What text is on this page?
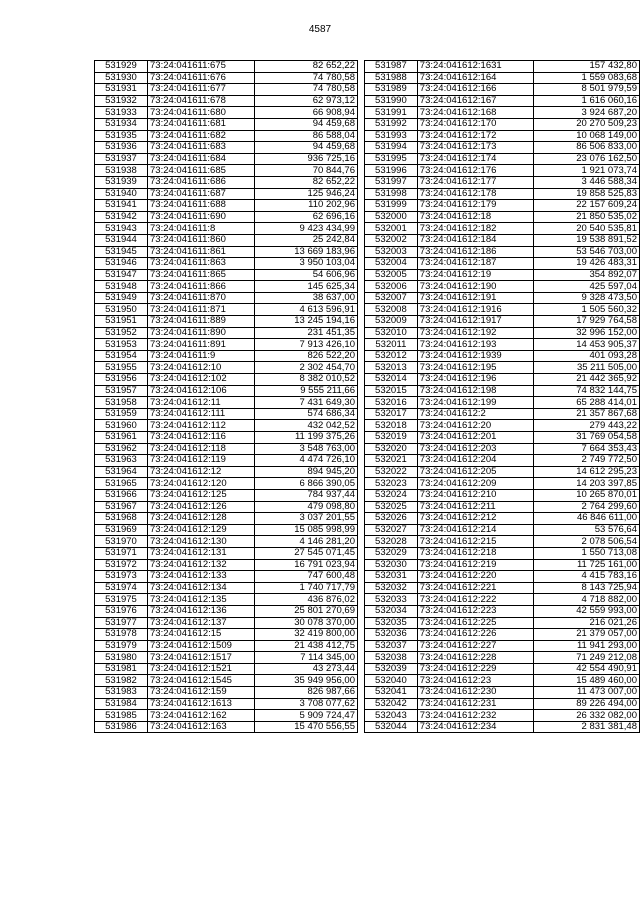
4587
531929	73:24:041611:675	82 652,22
531930	73:24:041611:676	74 780,58
531931	73:24:041611:677	74 780,58
531932	73:24:041611:678	62 973,12
531933	73:24:041611:680	66 908,94
531934	73:24:041611:681	94 459,68
531935	73:24:041611:682	86 588,04
531936	73:24:041611:683	94 459,68
531937	73:24:041611:684	936 725,16
531938	73:24:041611:685	70 844,76
531939	73:24:041611:686	82 652,22
531940	73:24:041611:687	125 946,24
531941	73:24:041611:688	110 202,96
531942	73:24:041611:690	62 696,16
531943	73:24:041611:8	9 423 434,99
531944	73:24:041611:860	25 242,84
531945	73:24:041611:861	13 669 183,96
531946	73:24:041611:863	3 950 103,04
531947	73:24:041611:865	54 606,96
531948	73:24:041611:866	145 625,34
531949	73:24:041611:870	38 637,00
531950	73:24:041611:871	4 613 596,91
531951	73:24:041611:889	13 245 194,16
531952	73:24:041611:890	231 451,35
531953	73:24:041611:891	7 913 426,10
531954	73:24:041611:9	826 522,20
531955	73:24:041612:10	2 302 454,70
531956	73:24:041612:102	8 382 010,52
531957	73:24:041612:106	9 555 211,66
531958	73:24:041612:11	7 431 649,30
531959	73:24:041612:111	574 686,34
531960	73:24:041612:112	432 042,52
531961	73:24:041612:116	11 199 375,26
531962	73:24:041612:118	3 548 763,00
531963	73:24:041612:119	4 474 726,10
531964	73:24:041612:12	894 945,20
531965	73:24:041612:120	6 866 390,05
531966	73:24:041612:125	784 937,44
531967	73:24:041612:126	479 098,80
531968	73:24:041612:128	3 037 201,55
531969	73:24:041612:129	15 085 998,99
531970	73:24:041612:130	4 146 281,20
531971	73:24:041612:131	27 545 071,45
531972	73:24:041612:132	16 791 023,94
531973	73:24:041612:133	747 600,48
531974	73:24:041612:134	1 740 717,79
531975	73:24:041612:135	436 876,02
531976	73:24:041612:136	25 801 270,69
531977	73:24:041612:137	30 078 370,00
531978	73:24:041612:15	32 419 800,00
531979	73:24:041612:1509	21 438 412,75
531980	73:24:041612:1517	7 114 345,00
531981	73:24:041612:1521	43 273,44
531982	73:24:041612:1545	35 949 956,00
531983	73:24:041612:159	826 987,66
531984	73:24:041612:1613	3 708 077,62
531985	73:24:041612:162	5 909 724,47
531986	73:24:041612:163	15 470 556,55
531987	73:24:041612:1631	157 432,80
531988	73:24:041612:164	1 559 083,68
531989	73:24:041612:166	8 501 979,59
531990	73:24:041612:167	1 616 060,16
531991	73:24:041612:168	3 924 687,20
531992	73:24:041612:170	20 270 509,23
531993	73:24:041612:172	10 068 149,00
531994	73:24:041612:173	86 506 833,00
531995	73:24:041612:174	23 076 162,50
531996	73:24:041612:176	1 921 073,74
531997	73:24:041612:177	3 446 588,34
531998	73:24:041612:178	19 858 525,83
531999	73:24:041612:179	22 157 609,24
532000	73:24:041612:18	21 850 535,02
532001	73:24:041612:182	20 540 535,81
532002	73:24:041612:184	19 538 891,52
532003	73:24:041612:186	53 546 703,00
532004	73:24:041612:187	19 426 483,31
532005	73:24:041612:19	354 892,07
532006	73:24:041612:190	425 597,04
532007	73:24:041612:191	9 328 473,50
532008	73:24:041612:1916	1 505 560,32
532009	73:24:041612:1917	17 929 764,58
532010	73:24:041612:192	32 996 152,00
532011	73:24:041612:193	14 453 905,37
532012	73:24:041612:1939	401 093,28
532013	73:24:041612:195	35 211 505,00
532014	73:24:041612:196	21 442 365,92
532015	73:24:041612:198	74 832 144,75
532016	73:24:041612:199	65 288 414,01
532017	73:24:041612:2	21 357 867,68
532018	73:24:041612:20	279 443,22
532019	73:24:041612:201	31 769 054,58
532020	73:24:041612:203	7 664 353,43
532021	73:24:041612:204	2 749 772,50
532022	73:24:041612:205	14 612 295,23
532023	73:24:041612:209	14 203 397,85
532024	73:24:041612:210	10 265 870,01
532025	73:24:041612:211	2 764 299,60
532026	73:24:041612:212	46 846 611,00
532027	73:24:041612:214	53 576,64
532028	73:24:041612:215	2 078 506,54
532029	73:24:041612:218	1 550 713,08
532030	73:24:041612:219	11 725 161,00
532031	73:24:041612:220	4 415 783,16
532032	73:24:041612:221	8 143 725,94
532033	73:24:041612:222	4 718 882,00
532034	73:24:041612:223	42 559 993,00
532035	73:24:041612:225	216 021,26
532036	73:24:041612:226	21 379 057,00
532037	73:24:041612:227	11 941 293,00
532038	73:24:041612:228	71 249 212,08
532039	73:24:041612:229	42 554 490,91
532040	73:24:041612:23	15 489 460,00
532041	73:24:041612:230	11 473 007,00
532042	73:24:041612:231	89 226 494,00
532043	73:24:041612:232	26 332 082,00
532044	73:24:041612:234	2 831 381,48
